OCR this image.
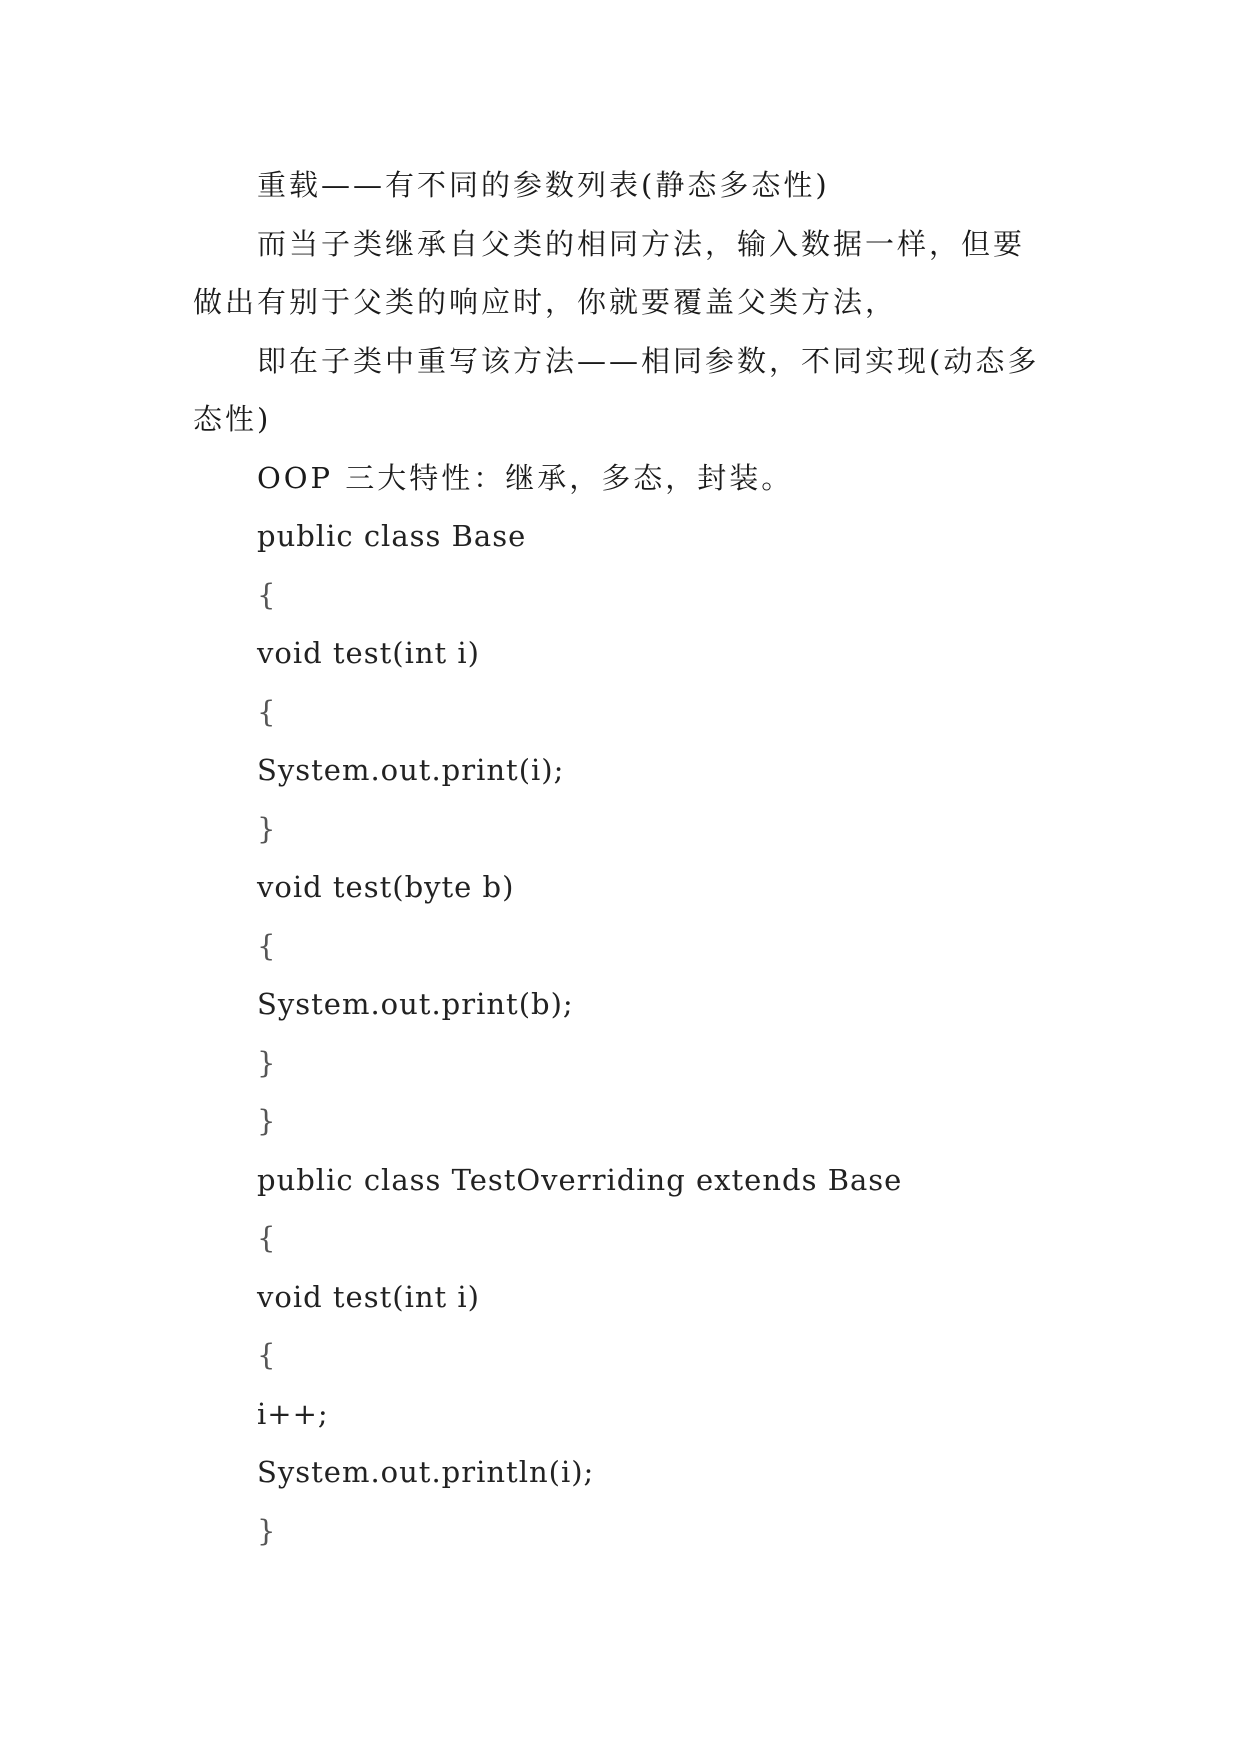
重载——有不同的参数列表(静态多态性)

而当子类继承自父类的相同方法，输入数据一样，但要做出有别于父类的响应时，你就要覆盖父类方法，

即在子类中重写该方法——相同参数，不同实现(动态多态性)

OOP 三大特性：继承，多态，封装。

public class Base
{
void test(int i)
{
System.out.print(i);
}
void test(byte b)
{
System.out.print(b);
}
}
public class TestOverriding extends Base
{
void test(int i)
{
i++;
System.out.println(i);
}
